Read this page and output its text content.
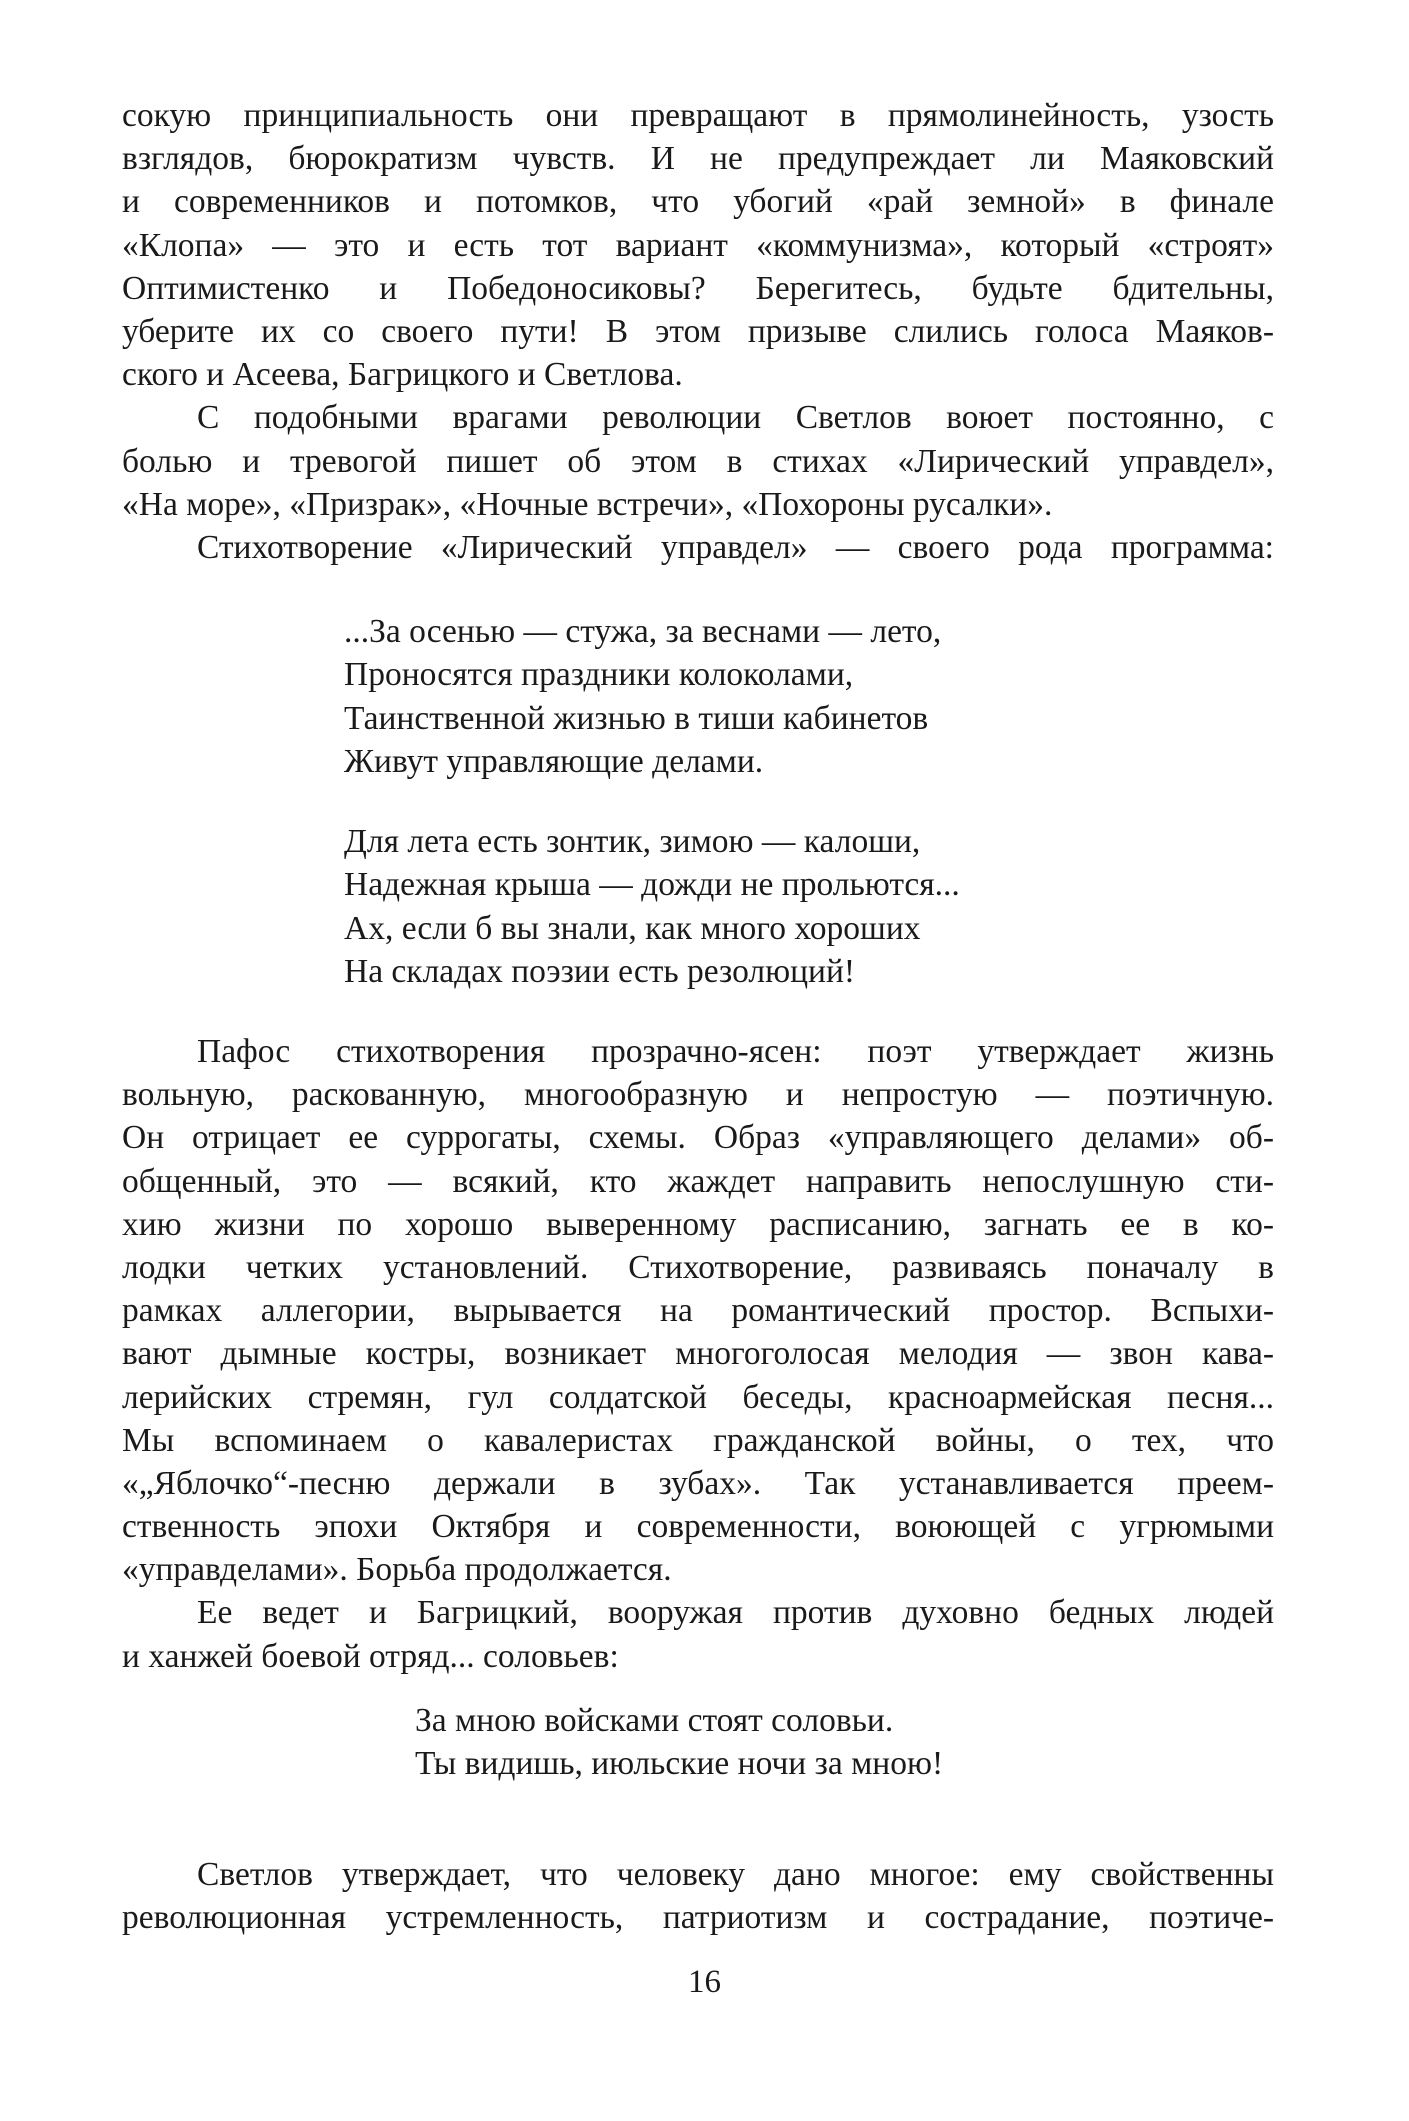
сокую принципиальность они превращают в прямолинейность, узость
взглядов, бюрократизм чувств. И не предупреждает ли Маяковский
и современников и потомков, что убогий «рай земной» в финале
«Клопа» — это и есть тот вариант «коммунизма», который «строят»
Оптимистенко и Победоносиковы? Берегитесь, будьте бдительны,
уберите их со своего пути! В этом призыве слились голоса Маяков-
ского и Асеева, Багрицкого и Светлова.
С подобными врагами революции Светлов воюет постоянно, с
болью и тревогой пишет об этом в стихах «Лирический управдел»,
«На море», «Призрак», «Ночные встречи», «Похороны русалки».
Стихотворение «Лирический управдел» — своего рода программа:
...За осенью — стужа, за веснами — лето,
Проносятся праздники колоколами,
Таинственной жизнью в тиши кабинетов
Живут управляющие делами.
Для лета есть зонтик, зимою — калоши,
Надежная крыша — дожди не прольются...
Ах, если б вы знали, как много хороших
На складах поэзии есть резолюций!
Пафос стихотворения прозрачно-ясен: поэт утверждает жизнь
вольную, раскованную, многообразную и непростую — поэтичную.
Он отрицает ее суррогаты, схемы. Образ «управляющего делами» об-
общенный, это — всякий, кто жаждет направить непослушную сти-
хию жизни по хорошо выверенному расписанию, загнать ее в ко-
лодки четких установлений. Стихотворение, развиваясь поначалу в
рамках аллегории, вырывается на романтический простор. Вспыхи-
вают дымные костры, возникает многоголосая мелодия — звон кава-
лерийских стремян, гул солдатской беседы, красноармейская песня...
Мы вспоминаем о кавалеристах гражданской войны, о тех, что
«„Яблочко“-песню держали в зубах». Так устанавливается преем-
ственность эпохи Октября и современности, воюющей с угрюмыми
«управделами». Борьба продолжается.
Ее ведет и Багрицкий, вооружая против духовно бедных людей
и ханжей боевой отряд... соловьев:
За мною войсками стоят соловьи.
Ты видишь, июльские ночи за мною!
Светлов утверждает, что человеку дано многое: ему свойственны
революционная устремленность, патриотизм и сострадание, поэтиче-
16
